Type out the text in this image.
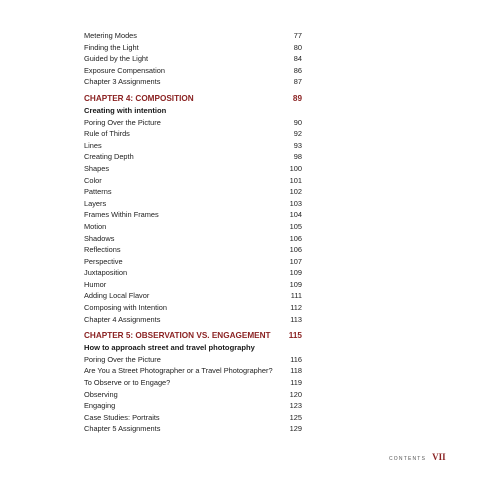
Metering Modes	77
Finding the Light	80
Guided by the Light	84
Exposure Compensation	86
Chapter 3 Assignments	87
CHAPTER 4: COMPOSITION	89
Creating with intention
Poring Over the Picture	90
Rule of Thirds	92
Lines	93
Creating Depth	98
Shapes	100
Color	101
Patterns	102
Layers	103
Frames Within Frames	104
Motion	105
Shadows	106
Reflections	106
Perspective	107
Juxtaposition	109
Humor	109
Adding Local Flavor	111
Composing with Intention	112
Chapter 4 Assignments	113
CHAPTER 5: OBSERVATION VS. ENGAGEMENT 115
How to approach street and travel photography
Poring Over the Picture	116
Are You a Street Photographer or a Travel Photographer? 118
To Observe or to Engage?	119
Observing	120
Engaging	123
Case Studies: Portraits	125
Chapter 5 Assignments	129
CONTENTS VII
